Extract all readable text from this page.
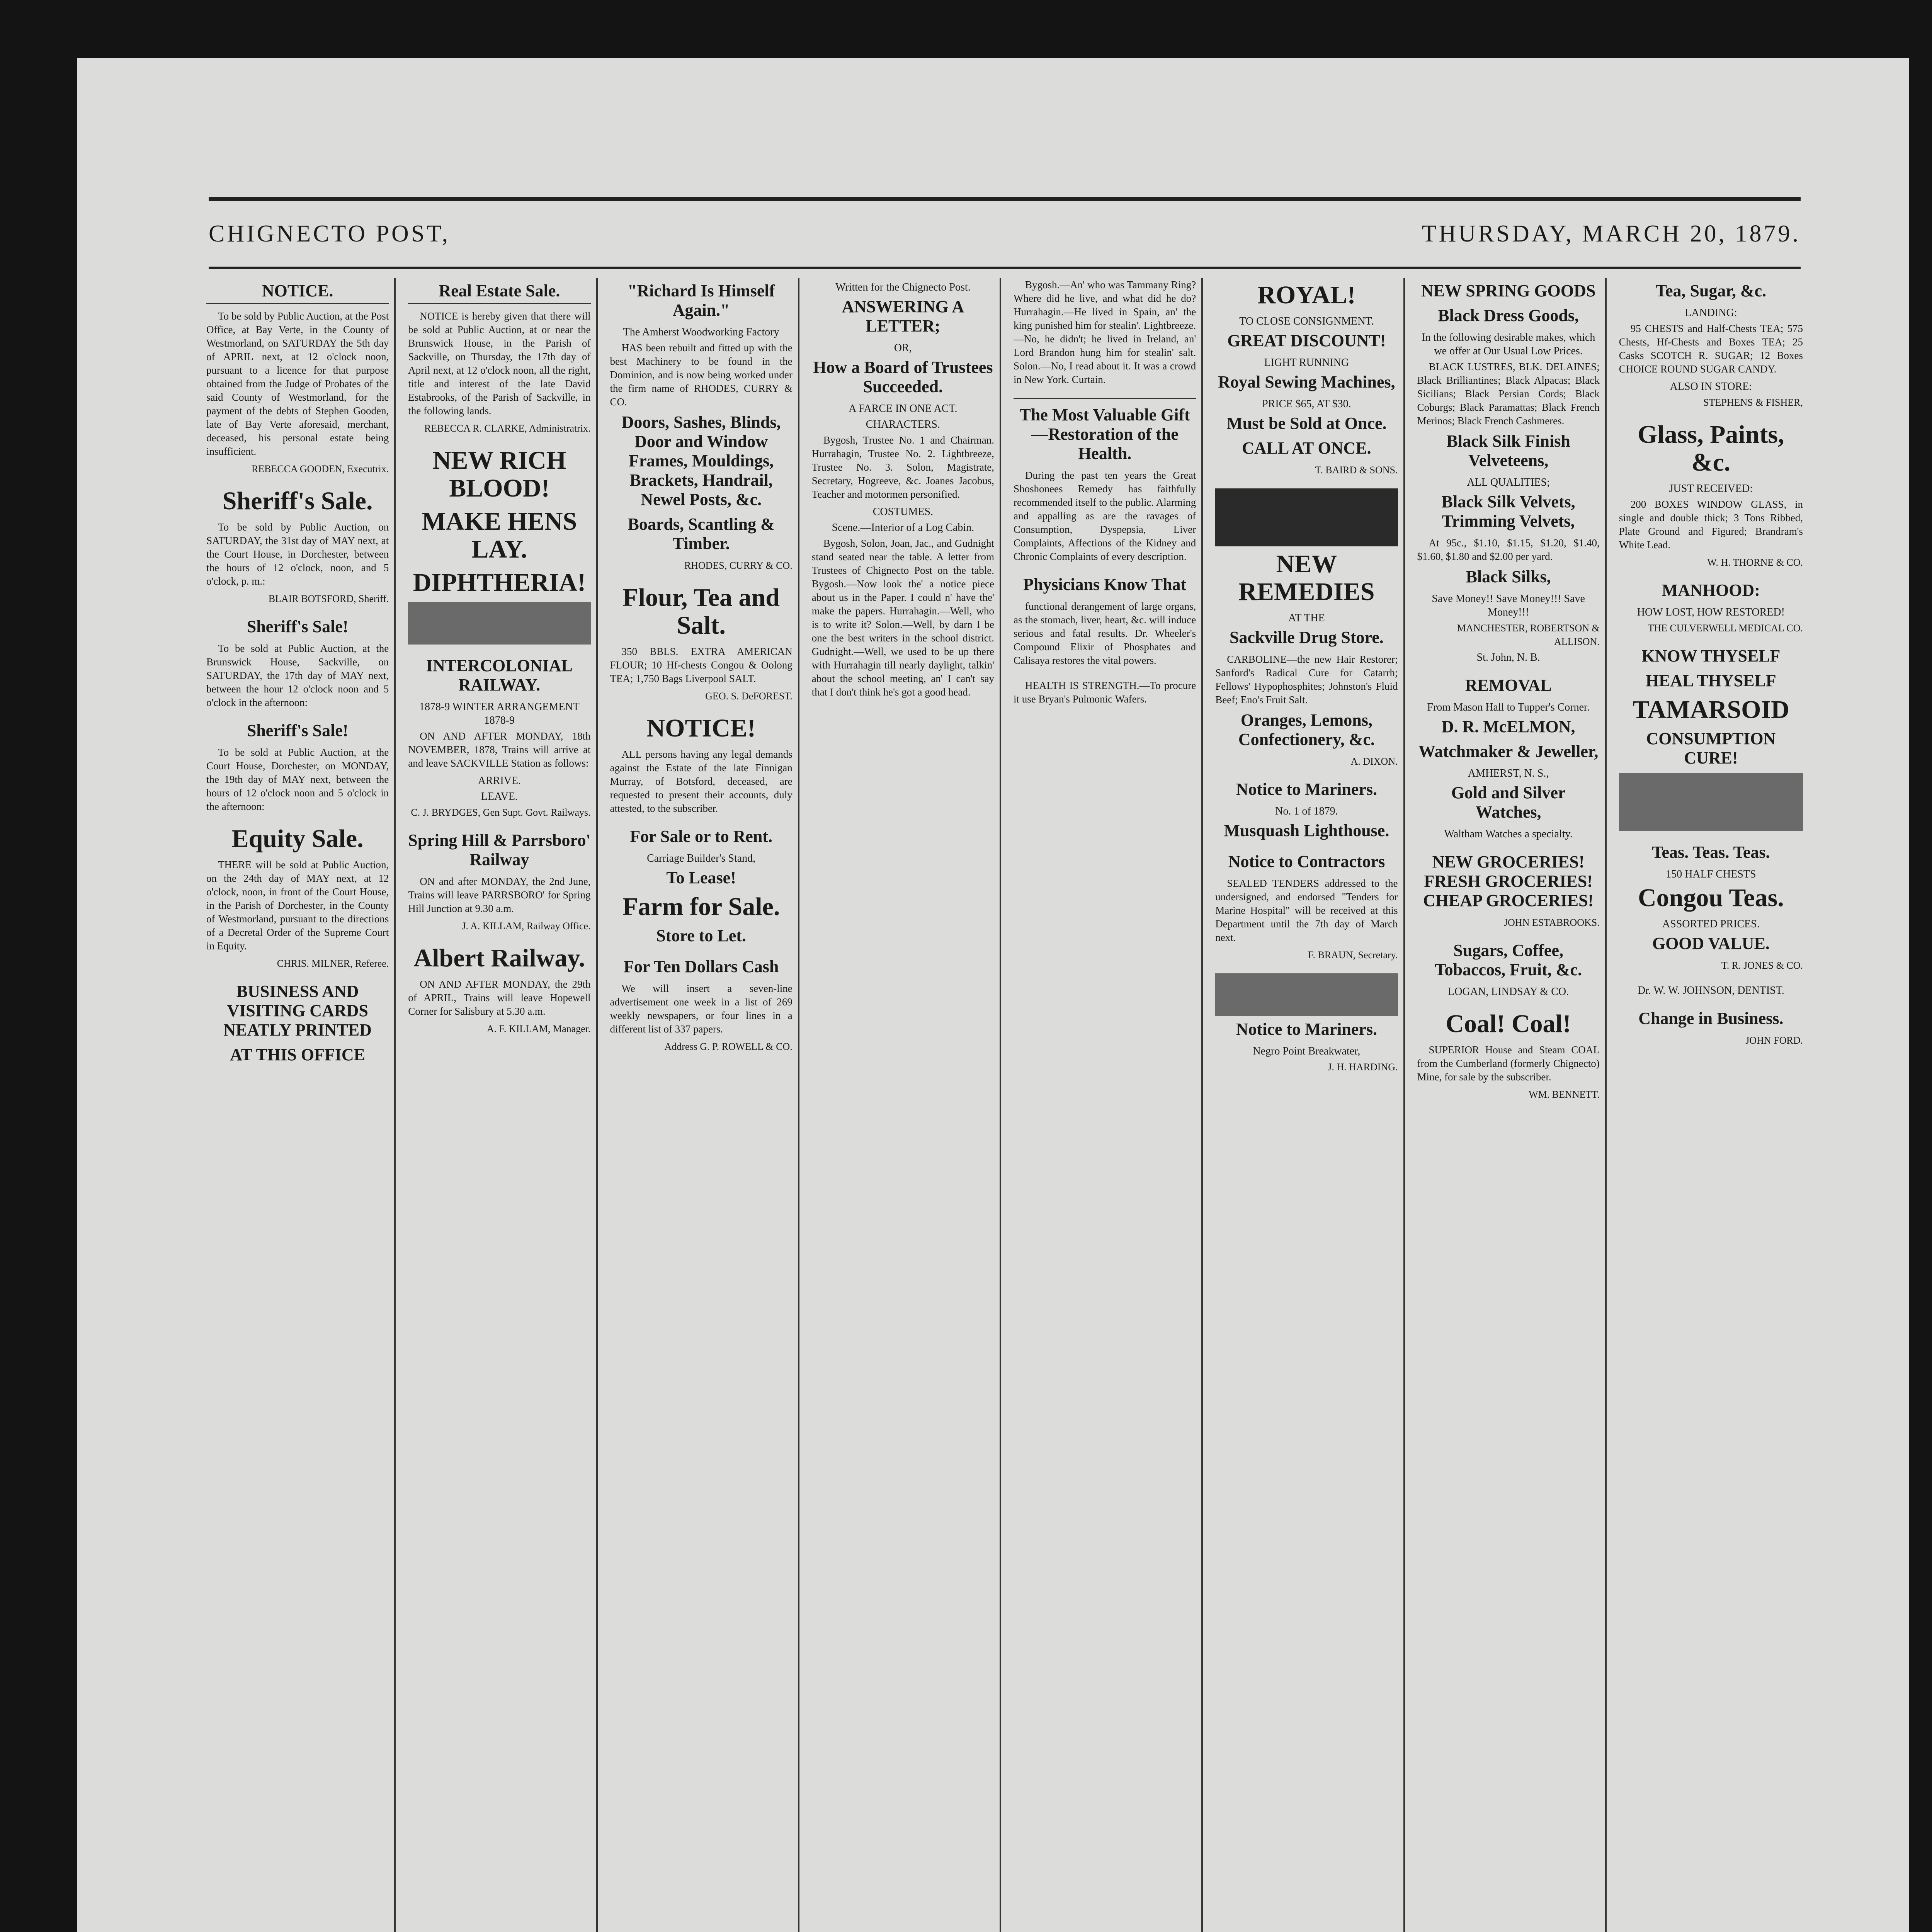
CHIGNECTO POST,	THURSDAY, MARCH 20, 1879.
NOTICE.
To be sold by Public Auction, at the Post Office, at Bay Verte, in the County of Westmorland, on SATURDAY the 5th day of APRIL next, at 12 o'clock noon, pursuant to a licence for that purpose obtained from the Judge of Probates of the said County of Westmorland, for the payment of the debts of Stephen Gooden, late of Bay Verte aforesaid, merchant, deceased, his personal estate being insufficient.
REBECCA GOODEN, Executrix.
Sheriff's Sale.
To be sold by Public Auction, on SATURDAY, the 31st day of MAY next, at the Court House, in Dorchester, between the hours of 12 o'clock, noon, and 5 o'clock, p. m.:
BLAIR BOTSFORD, Sheriff.
Sheriff's Sale!
To be sold at Public Auction, at the Brunswick House, Sackville, on SATURDAY, the 17th day of MAY next, between the hour 12 o'clock noon and 5 o'clock in the afternoon:
Sheriff's Sale!
To be sold at Public Auction, at the Court House, Dorchester, on MONDAY, the 19th day of MAY next, between the hours of 12 o'clock noon and 5 o'clock in the afternoon:
Equity Sale.
THERE will be sold at Public Auction, on the 24th day of MAY next, at 12 o'clock, noon, in front of the Court House, in the Parish of Dorchester, in the County of Westmorland, pursuant to the directions of a Decretal Order of the Supreme Court in Equity.
CHRIS. MILNER, Referee.
BUSINESS AND VISITING CARDS NEATLY PRINTED
AT THIS OFFICE
Real Estate Sale.
NOTICE is hereby given that there will be sold at Public Auction, at or near the Brunswick House, in the Parish of Sackville, on Thursday, the 17th day of April next, at 12 o'clock noon, all the right, title and interest of the late David Estabrooks, of the Parish of Sackville, in the following lands.
REBECCA R. CLARKE, Administratrix.
NEW RICH BLOOD!
MAKE HENS LAY.
DIPHTHERIA!
INTERCOLONIAL RAILWAY.
1878-9 WINTER ARRANGEMENT 1878-9
ON AND AFTER MONDAY, 18th NOVEMBER, 1878, Trains will arrive at and leave SACKVILLE Station as follows:
ARRIVE.
LEAVE.
C. J. BRYDGES, Gen Supt. Govt. Railways.
Spring Hill & Parrsboro' Railway
ON and after MONDAY, the 2nd June, Trains will leave PARRSBORO' for Spring Hill Junction at 9.30 a.m.
J. A. KILLAM, Railway Office.
Albert Railway.
ON AND AFTER MONDAY, the 29th of APRIL, Trains will leave Hopewell Corner for Salisbury at 5.30 a.m.
A. F. KILLAM, Manager.
"Richard Is Himself Again."
The Amherst Woodworking Factory
HAS been rebuilt and fitted up with the best Machinery to be found in the Dominion, and is now being worked under the firm name of RHODES, CURRY & CO.
Doors, Sashes, Blinds, Door and Window Frames, Mouldings, Brackets, Handrail, Newel Posts, &c.
Boards, Scantling & Timber.
RHODES, CURRY & CO.
Flour, Tea and Salt.
350 BBLS. EXTRA AMERICAN FLOUR; 10 Hf-chests Congou & Oolong TEA; 1,750 Bags Liverpool SALT.
GEO. S. DeFOREST.
NOTICE!
ALL persons having any legal demands against the Estate of the late Finnigan Murray, of Botsford, deceased, are requested to present their accounts, duly attested, to the subscriber.
For Sale or to Rent.
Carriage Builder's Stand,
To Lease!
Farm for Sale.
Store to Let.
For Ten Dollars Cash
We will insert a seven-line advertisement one week in a list of 269 weekly newspapers, or four lines in a different list of 337 papers.
Address G. P. ROWELL & CO.
Written for the Chignecto Post.
ANSWERING A LETTER;
OR,
How a Board of Trustees Succeeded.
A FARCE IN ONE ACT.
CHARACTERS.
Bygosh, Trustee No. 1 and Chairman. Hurrahagin, Trustee No. 2. Lightbreeze, Trustee No. 3. Solon, Magistrate, Secretary, Hogreeve, &c. Joanes Jacobus, Teacher and motormen personified.
COSTUMES.
Scene.—Interior of a Log Cabin.
Bygosh, Solon, Joan, Jac., and Gudnight stand seated near the table. A letter from Trustees of Chignecto Post on the table. Bygosh.—Now look the' a notice piece about us in the Paper. I could n' have the' make the papers. Hurrahagin.—Well, who is to write it? Solon.—Well, by darn I be one the best writers in the school district. Gudnight.—Well, we used to be up there with Hurrahagin till nearly daylight, talkin' about the school meeting, an' I can't say that I don't think he's got a good head.
Bygosh.—An' who was Tammany Ring? Where did he live, and what did he do? Hurrahagin.—He lived in Spain, an' the king punished him for stealin'. Lightbreeze.—No, he didn't; he lived in Ireland, an' Lord Brandon hung him for stealin' salt. Solon.—No, I read about it. It was a crowd in New York. Curtain.
The Most Valuable Gift—Restoration of the Health.
During the past ten years the Great Shoshonees Remedy has faithfully recommended itself to the public. Alarming and appalling as are the ravages of Consumption, Dyspepsia, Liver Complaints, Affections of the Kidney and Chronic Complaints of every description.
Physicians Know That
functional derangement of large organs, as the stomach, liver, heart, &c. will induce serious and fatal results. Dr. Wheeler's Compound Elixir of Phosphates and Calisaya restores the vital powers.
HEALTH IS STRENGTH.—To procure it use Bryan's Pulmonic Wafers.
ROYAL!
TO CLOSE CONSIGNMENT.
GREAT DISCOUNT!
LIGHT RUNNING
Royal Sewing Machines,
PRICE $65, AT $30.
Must be Sold at Once.
CALL AT ONCE.
T. BAIRD & SONS.
NEW REMEDIES
AT THE
Sackville Drug Store.
CARBOLINE—the new Hair Restorer; Sanford's Radical Cure for Catarrh; Fellows' Hypophosphites; Johnston's Fluid Beef; Eno's Fruit Salt.
Oranges, Lemons, Confectionery, &c.
A. DIXON.
Notice to Mariners.
No. 1 of 1879.
Musquash Lighthouse.
Notice to Contractors
SEALED TENDERS addressed to the undersigned, and endorsed "Tenders for Marine Hospital" will be received at this Department until the 7th day of March next.
F. BRAUN, Secretary.
Notice to Mariners.
Negro Point Breakwater,
J. H. HARDING.
NEW SPRING GOODS
Black Dress Goods,
In the following desirable makes, which we offer at Our Usual Low Prices.
BLACK LUSTRES, BLK. DELAINES; Black Brilliantines; Black Alpacas; Black Sicilians; Black Persian Cords; Black Coburgs; Black Paramattas; Black French Merinos; Black French Cashmeres.
Black Silk Finish Velveteens,
ALL QUALITIES;
Black Silk Velvets, Trimming Velvets,
At 95c., $1.10, $1.15, $1.20, $1.40, $1.60, $1.80 and $2.00 per yard.
Black Silks,
Save Money!! Save Money!!! Save Money!!!
MANCHESTER, ROBERTSON & ALLISON.
St. John, N. B.
REMOVAL
From Mason Hall to Tupper's Corner.
D. R. McELMON,
Watchmaker & Jeweller,
AMHERST, N. S.,
Gold and Silver Watches,
Waltham Watches a specialty.
NEW GROCERIES! FRESH GROCERIES! CHEAP GROCERIES!
JOHN ESTABROOKS.
Sugars, Coffee, Tobaccos, Fruit, &c.
LOGAN, LINDSAY & CO.
Coal! Coal!
SUPERIOR House and Steam COAL from the Cumberland (formerly Chignecto) Mine, for sale by the subscriber.
WM. BENNETT.
Tea, Sugar, &c.
LANDING:
95 CHESTS and Half-Chests TEA; 575 Chests, Hf-Chests and Boxes TEA; 25 Casks SCOTCH R. SUGAR; 12 Boxes CHOICE ROUND SUGAR CANDY.
ALSO IN STORE:
STEPHENS & FISHER,
Glass, Paints, &c.
JUST RECEIVED:
200 BOXES WINDOW GLASS, in single and double thick; 3 Tons Ribbed, Plate Ground and Figured; Brandram's White Lead.
W. H. THORNE & CO.
MANHOOD:
HOW LOST, HOW RESTORED!
THE CULVERWELL MEDICAL CO.
KNOW THYSELF
HEAL THYSELF
TAMARSOID
CONSUMPTION CURE!
Teas. Teas. Teas.
150 HALF CHESTS
Congou Teas.
ASSORTED PRICES.
GOOD VALUE.
T. R. JONES & CO.
Dr. W. W. JOHNSON, DENTIST.
Change in Business.
JOHN FORD.
